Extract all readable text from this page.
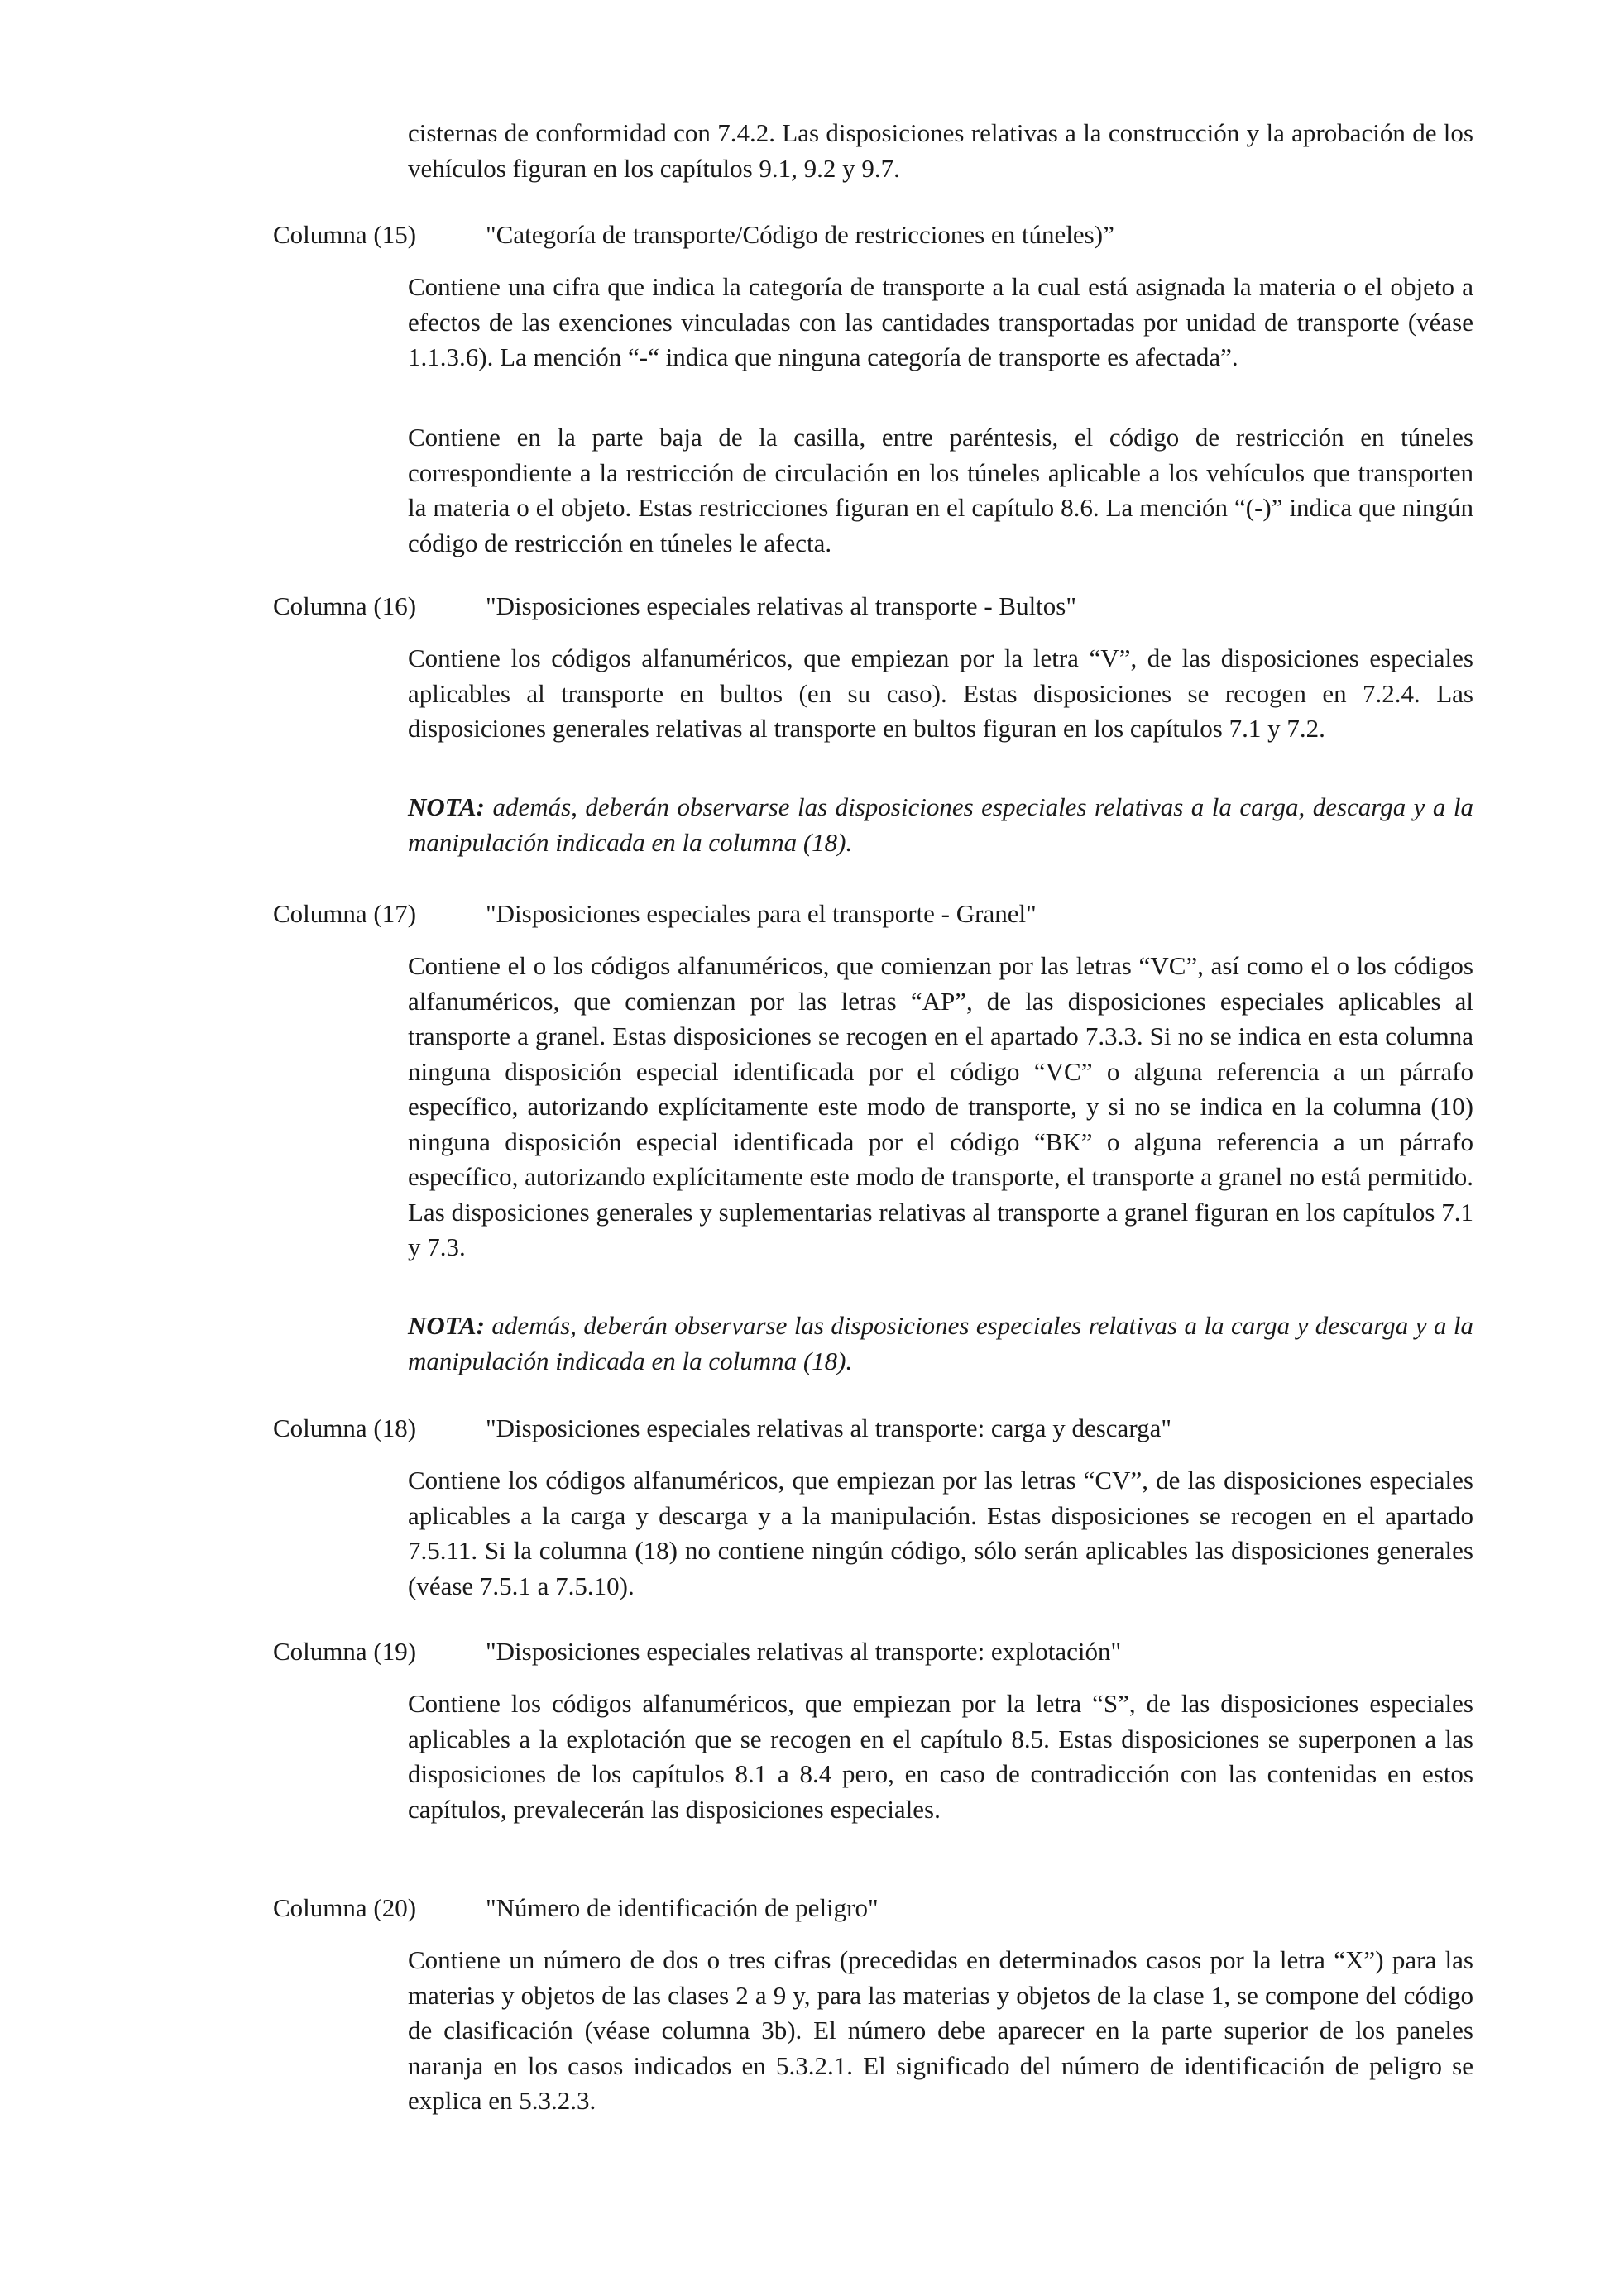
cisternas de conformidad con 7.4.2. Las disposiciones relativas a la construcción y la aprobación de los vehículos figuran en los capítulos 9.1, 9.2 y 9.7.

Columna (15)	"Categoría de transporte/Código de restricciones en túneles)”

Contiene una cifra que indica la categoría de transporte a la cual está asignada la materia o el objeto a efectos de las exenciones vinculadas con las cantidades transportadas por unidad de transporte (véase 1.1.3.6). La mención “-“ indica que ninguna categoría de transporte es afectada”.

Contiene en la parte baja de la casilla, entre paréntesis, el código de restricción en túneles correspondiente a la restricción de circulación en los túneles aplicable a los vehículos que transporten la materia o el objeto. Estas restricciones figuran en el capítulo 8.6. La mención “(-)” indica que ningún código de restricción en túneles le afecta.

Columna (16)	"Disposiciones especiales relativas al transporte - Bultos"

Contiene los códigos alfanuméricos, que empiezan por la letra “V”, de las disposiciones especiales aplicables al transporte en bultos (en su caso). Estas disposiciones se recogen en 7.2.4. Las disposiciones generales relativas al transporte en bultos figuran en los capítulos 7.1 y 7.2.

NOTA: además, deberán observarse las disposiciones especiales relativas a la carga, descarga y a la manipulación indicada en la columna (18).

Columna (17)	"Disposiciones especiales para el transporte - Granel"

Contiene el o los códigos alfanuméricos, que comienzan por las letras “VC”, así como el o los códigos alfanuméricos, que comienzan por las letras “AP”, de las disposiciones especiales aplicables al transporte a granel. Estas disposiciones se recogen en el apartado 7.3.3. Si no se indica en esta columna ninguna disposición especial identificada por el código “VC” o alguna referencia a un párrafo específico, autorizando explícitamente este modo de transporte, y si no se indica en la columna (10) ninguna disposición especial identificada por el código “BK” o alguna referencia a un párrafo específico, autorizando explícitamente este modo de transporte, el transporte a granel no está permitido. Las disposiciones generales y suplementarias relativas al transporte a granel figuran en los capítulos 7.1 y 7.3.

NOTA: además, deberán observarse las disposiciones especiales relativas a la carga y descarga y a la manipulación indicada en la columna (18).

Columna (18)	"Disposiciones especiales relativas al transporte: carga y descarga"

Contiene los códigos alfanuméricos, que empiezan por las letras “CV”, de las disposiciones especiales aplicables a la carga y descarga y a la manipulación. Estas disposiciones se recogen en el apartado 7.5.11. Si la columna (18) no contiene ningún código, sólo serán aplicables las disposiciones generales (véase 7.5.1 a 7.5.10).

Columna (19)	"Disposiciones especiales relativas al transporte: explotación"

Contiene los códigos alfanuméricos, que empiezan por la letra “S”, de las disposiciones especiales aplicables a la explotación que se recogen en el capítulo 8.5. Estas disposiciones se superponen a las disposiciones de los capítulos 8.1 a 8.4 pero, en caso de contradicción con las contenidas en estos capítulos, prevalecerán las disposiciones especiales.

Columna (20)	"Número de identificación de peligro"

Contiene un número de dos o tres cifras (precedidas en determinados casos por la letra “X”) para las materias y objetos de las clases 2 a 9 y, para las materias y objetos de la clase 1, se compone del código de clasificación (véase columna 3b). El número debe aparecer en la parte superior de los paneles naranja en los casos indicados en 5.3.2.1. El significado del número de identificación de peligro se explica en 5.3.2.3.
